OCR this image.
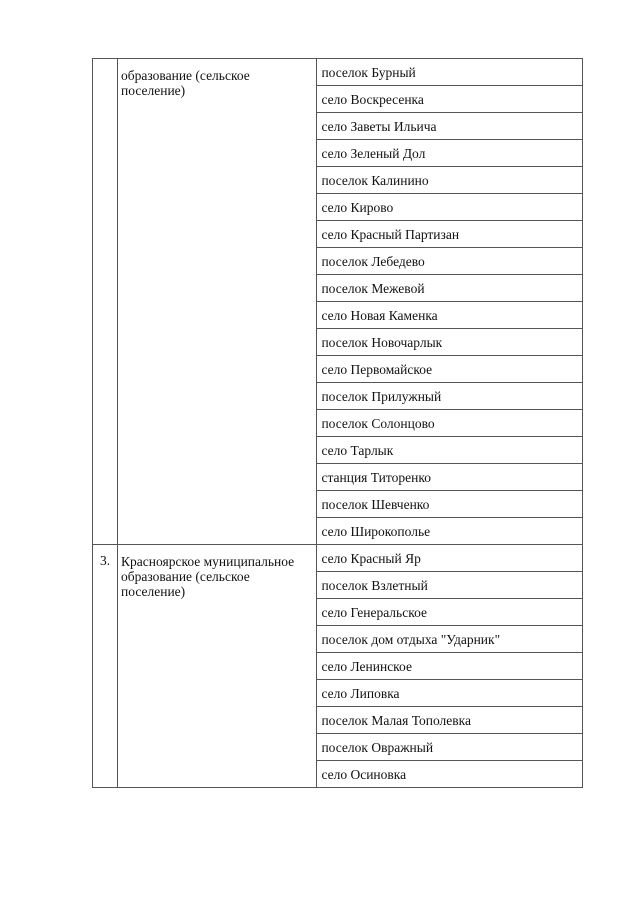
	образование (сельское поселение)	поселок Бурный
		село Воскресенка
		село Заветы Ильича
		село Зеленый Дол
		поселок Калинино
		село Кирово
		село Красный Партизан
		поселок Лебедево
		поселок Межевой
		село Новая Каменка
		поселок Новочарлык
		село Первомайское
		поселок Прилужный
		поселок Солонцово
		село Тарлык
		станция Титоренко
		поселок Шевченко
		село Широкополье
3.	Красноярское муниципальное образование (сельское поселение)	село Красный Яр
		поселок Взлетный
		село Генеральское
		поселок дом отдыха "Ударник"
		село Ленинское
		село Липовка
		поселок Малая Тополевка
		поселок Овражный
		село Осиновка
